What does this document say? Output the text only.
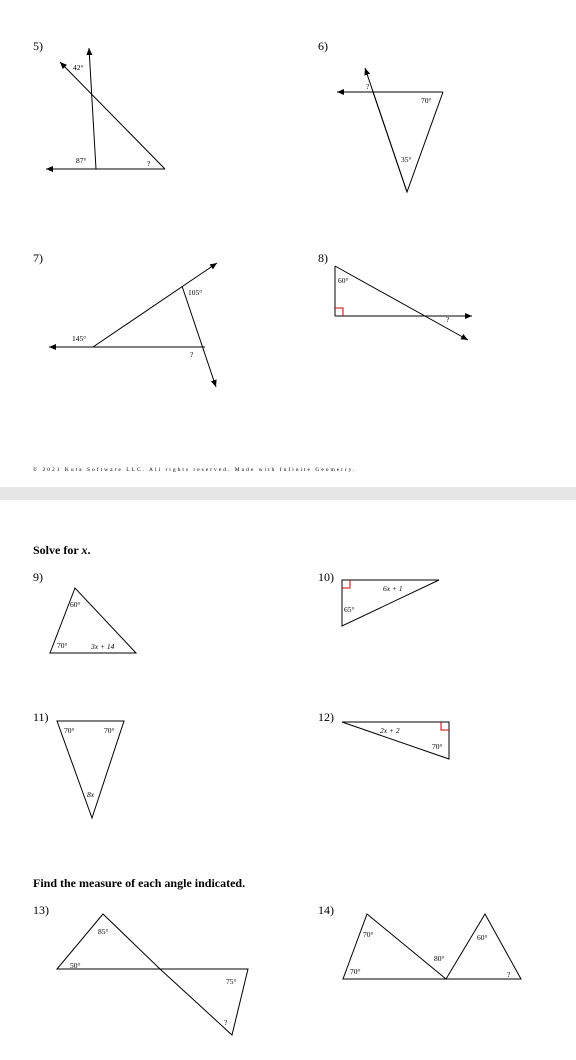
5)
42°
87°	?
6)
?
70°
35°
7)
105°
145°
?
8)
60°
?
© 2021 Kuta Software LLC. All rights reserved. Made with Infinite Geometry.
Solve for x.
Find the measure of each angle indicated.
9)
60°
70°	3x + 14
10)
6x + 1
65°
11)
70°	70°
8x
12)
2x + 2
70°
13)
85°
50°
75°
?
14)
70°
70°
80°
60°
?
